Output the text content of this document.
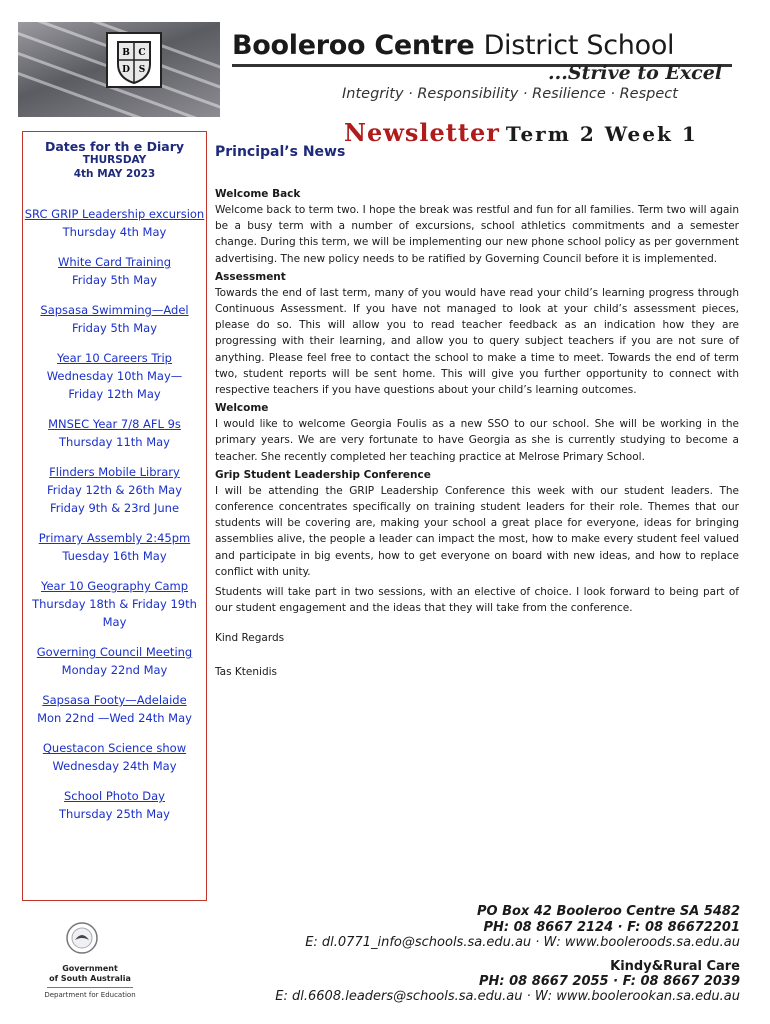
B C
D S
Booleroo Centre District School
...Strive to Excel
Integrity · Responsibility · Resilience · Respect
Newsletter Term 2 Week 1
Dates for th e Diary
THURSDAY
4th MAY 2023
SRC GRIP Leadership excursion
Thursday 4th May
White Card Training
Friday 5th May
Sapsasa Swimming—Adel
Friday 5th May
Year 10 Careers Trip
Wednesday 10th May—
Friday 12th May
MNSEC Year 7/8 AFL 9s
Thursday 11th May
Flinders Mobile Library
Friday 12th & 26th May
Friday 9th & 23rd June
Primary Assembly 2:45pm
Tuesday 16th May
Year 10 Geography Camp
Thursday 18th & Friday 19th
May
Governing Council Meeting
Monday 22nd May
Sapsasa Footy—Adelaide
Mon 22nd —Wed 24th May
Questacon Science show
Wednesday 24th May
School Photo Day
Thursday 25th May
Principal’s News

Welcome Back

Welcome back to term two. I hope the break was restful and fun for all families. Term two will again be a busy term with a number of excursions, school athletics commitments and a semester change. During this term, we will be implementing our new phone school policy as per government advertising. The new policy needs to be ratified by Governing Council before it is implemented.

Assessment

Towards the end of last term, many of you would have read your child’s learning progress through Continuous Assessment. If you have not managed to look at your child’s assessment pieces, please do so. This will allow you to read teacher feedback as an indication how they are progressing with their learning, and allow you to query subject teachers if you are not sure of anything. Please feel free to contact the school to make a time to meet. Towards the end of term two, student reports will be sent home. This will give you further opportunity to connect with respective teachers if you have questions about your child’s learning outcomes.

Welcome

I would like to welcome Georgia Foulis as a new SSO to our school. She will be working in the primary years. We are very fortunate to have Georgia as she is currently studying to become a teacher. She recently completed her teaching practice at Melrose Primary School.

Grip Student Leadership Conference

I will be attending the GRIP Leadership Conference this week with our student leaders. The conference concentrates specifically on training student leaders for their role. Themes that our students will be covering are, making your school a great place for everyone, ideas for bringing assemblies alive, the people a leader can impact the most, how to make every student feel valued and participate in big events, how to get everyone on board with new ideas, and how to replace conflict with unity.

Students will take part in two sessions, with an elective of choice. I look forward to being part of our student engagement and the ideas that they will take from the conference.

Kind Regards

Tas Ktenidis

Government
of South Australia
Department for Education
PO Box 42 Booleroo Centre SA 5482
PH: 08 8667 2124 · F: 08 86672201
E: dl.0771_info@schools.sa.edu.au · W: www.booleroods.sa.edu.au
Kindy&Rural Care
PH: 08 8667 2055 · F: 08 8667 2039
E: dl.6608.leaders@schools.sa.edu.au · W: www.boolerookan.sa.edu.au
